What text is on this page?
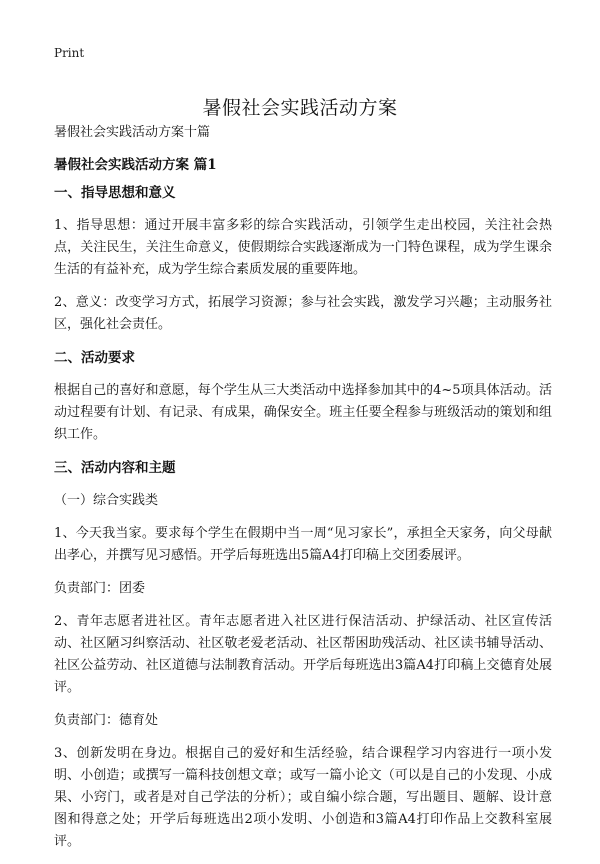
Print
暑假社会实践活动方案
暑假社会实践活动方案十篇
暑假社会实践活动方案 篇1
一、指导思想和意义

1、指导思想：通过开展丰富多彩的综合实践活动，引领学生走出校园，关注社会热点，关注民生，关注生命意义，使假期综合实践逐渐成为一门特色课程，成为学生课余生活的有益补充，成为学生综合素质发展的重要阵地。

2、意义：改变学习方式，拓展学习资源；参与社会实践，激发学习兴趣；主动服务社区，强化社会责任。

二、活动要求

根据自己的喜好和意愿，每个学生从三大类活动中选择参加其中的4~5项具体活动。活动过程要有计划、有记录、有成果，确保安全。班主任要全程参与班级活动的策划和组织工作。

三、活动内容和主题

（一）综合实践类

1、今天我当家。要求每个学生在假期中当一周“见习家长”，承担全天家务，向父母献出孝心，并撰写见习感悟。开学后每班选出5篇A4打印稿上交团委展评。

负责部门：团委

2、青年志愿者进社区。青年志愿者进入社区进行保洁活动、护绿活动、社区宣传活动、社区陋习纠察活动、社区敬老爱老活动、社区帮困助残活动、社区读书辅导活动、社区公益劳动、社区道德与法制教育活动。开学后每班选出3篇A4打印稿上交德育处展评。

负责部门：德育处

3、创新发明在身边。根据自己的爱好和生活经验，结合课程学习内容进行一项小发明、小创造；或撰写一篇科技创想文章；或写一篇小论文（可以是自己的小发现、小成果、小窍门，或者是对自己学法的分析）；或自编小综合题，写出题目、题解、设计意图和得意之处；开学后每班选出2项小发明、小创造和3篇A4打印作品上交教科室展评。
